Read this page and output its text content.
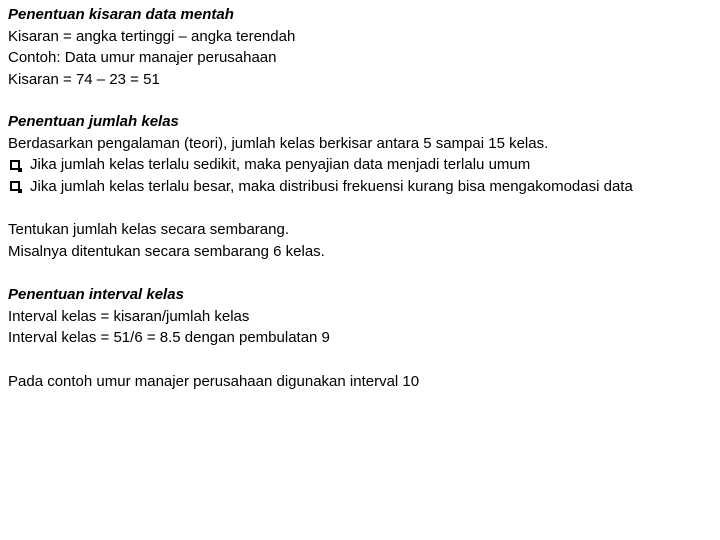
Penentuan kisaran data mentah
Kisaran = angka tertinggi – angka terendah
Contoh: Data umur manajer perusahaan
Kisaran = 74 – 23 = 51
Penentuan jumlah kelas
Berdasarkan pengalaman (teori), jumlah kelas berkisar antara 5 sampai 15 kelas.
Jika jumlah kelas terlalu sedikit, maka penyajian data menjadi terlalu umum
Jika jumlah kelas terlalu besar, maka distribusi frekuensi kurang bisa mengakomodasi data
Tentukan jumlah kelas secara sembarang.
Misalnya ditentukan secara sembarang 6 kelas.
Penentuan interval kelas
Interval kelas = kisaran/jumlah kelas
Interval kelas = 51/6 = 8.5 dengan pembulatan 9
Pada contoh umur manajer perusahaan digunakan interval 10
